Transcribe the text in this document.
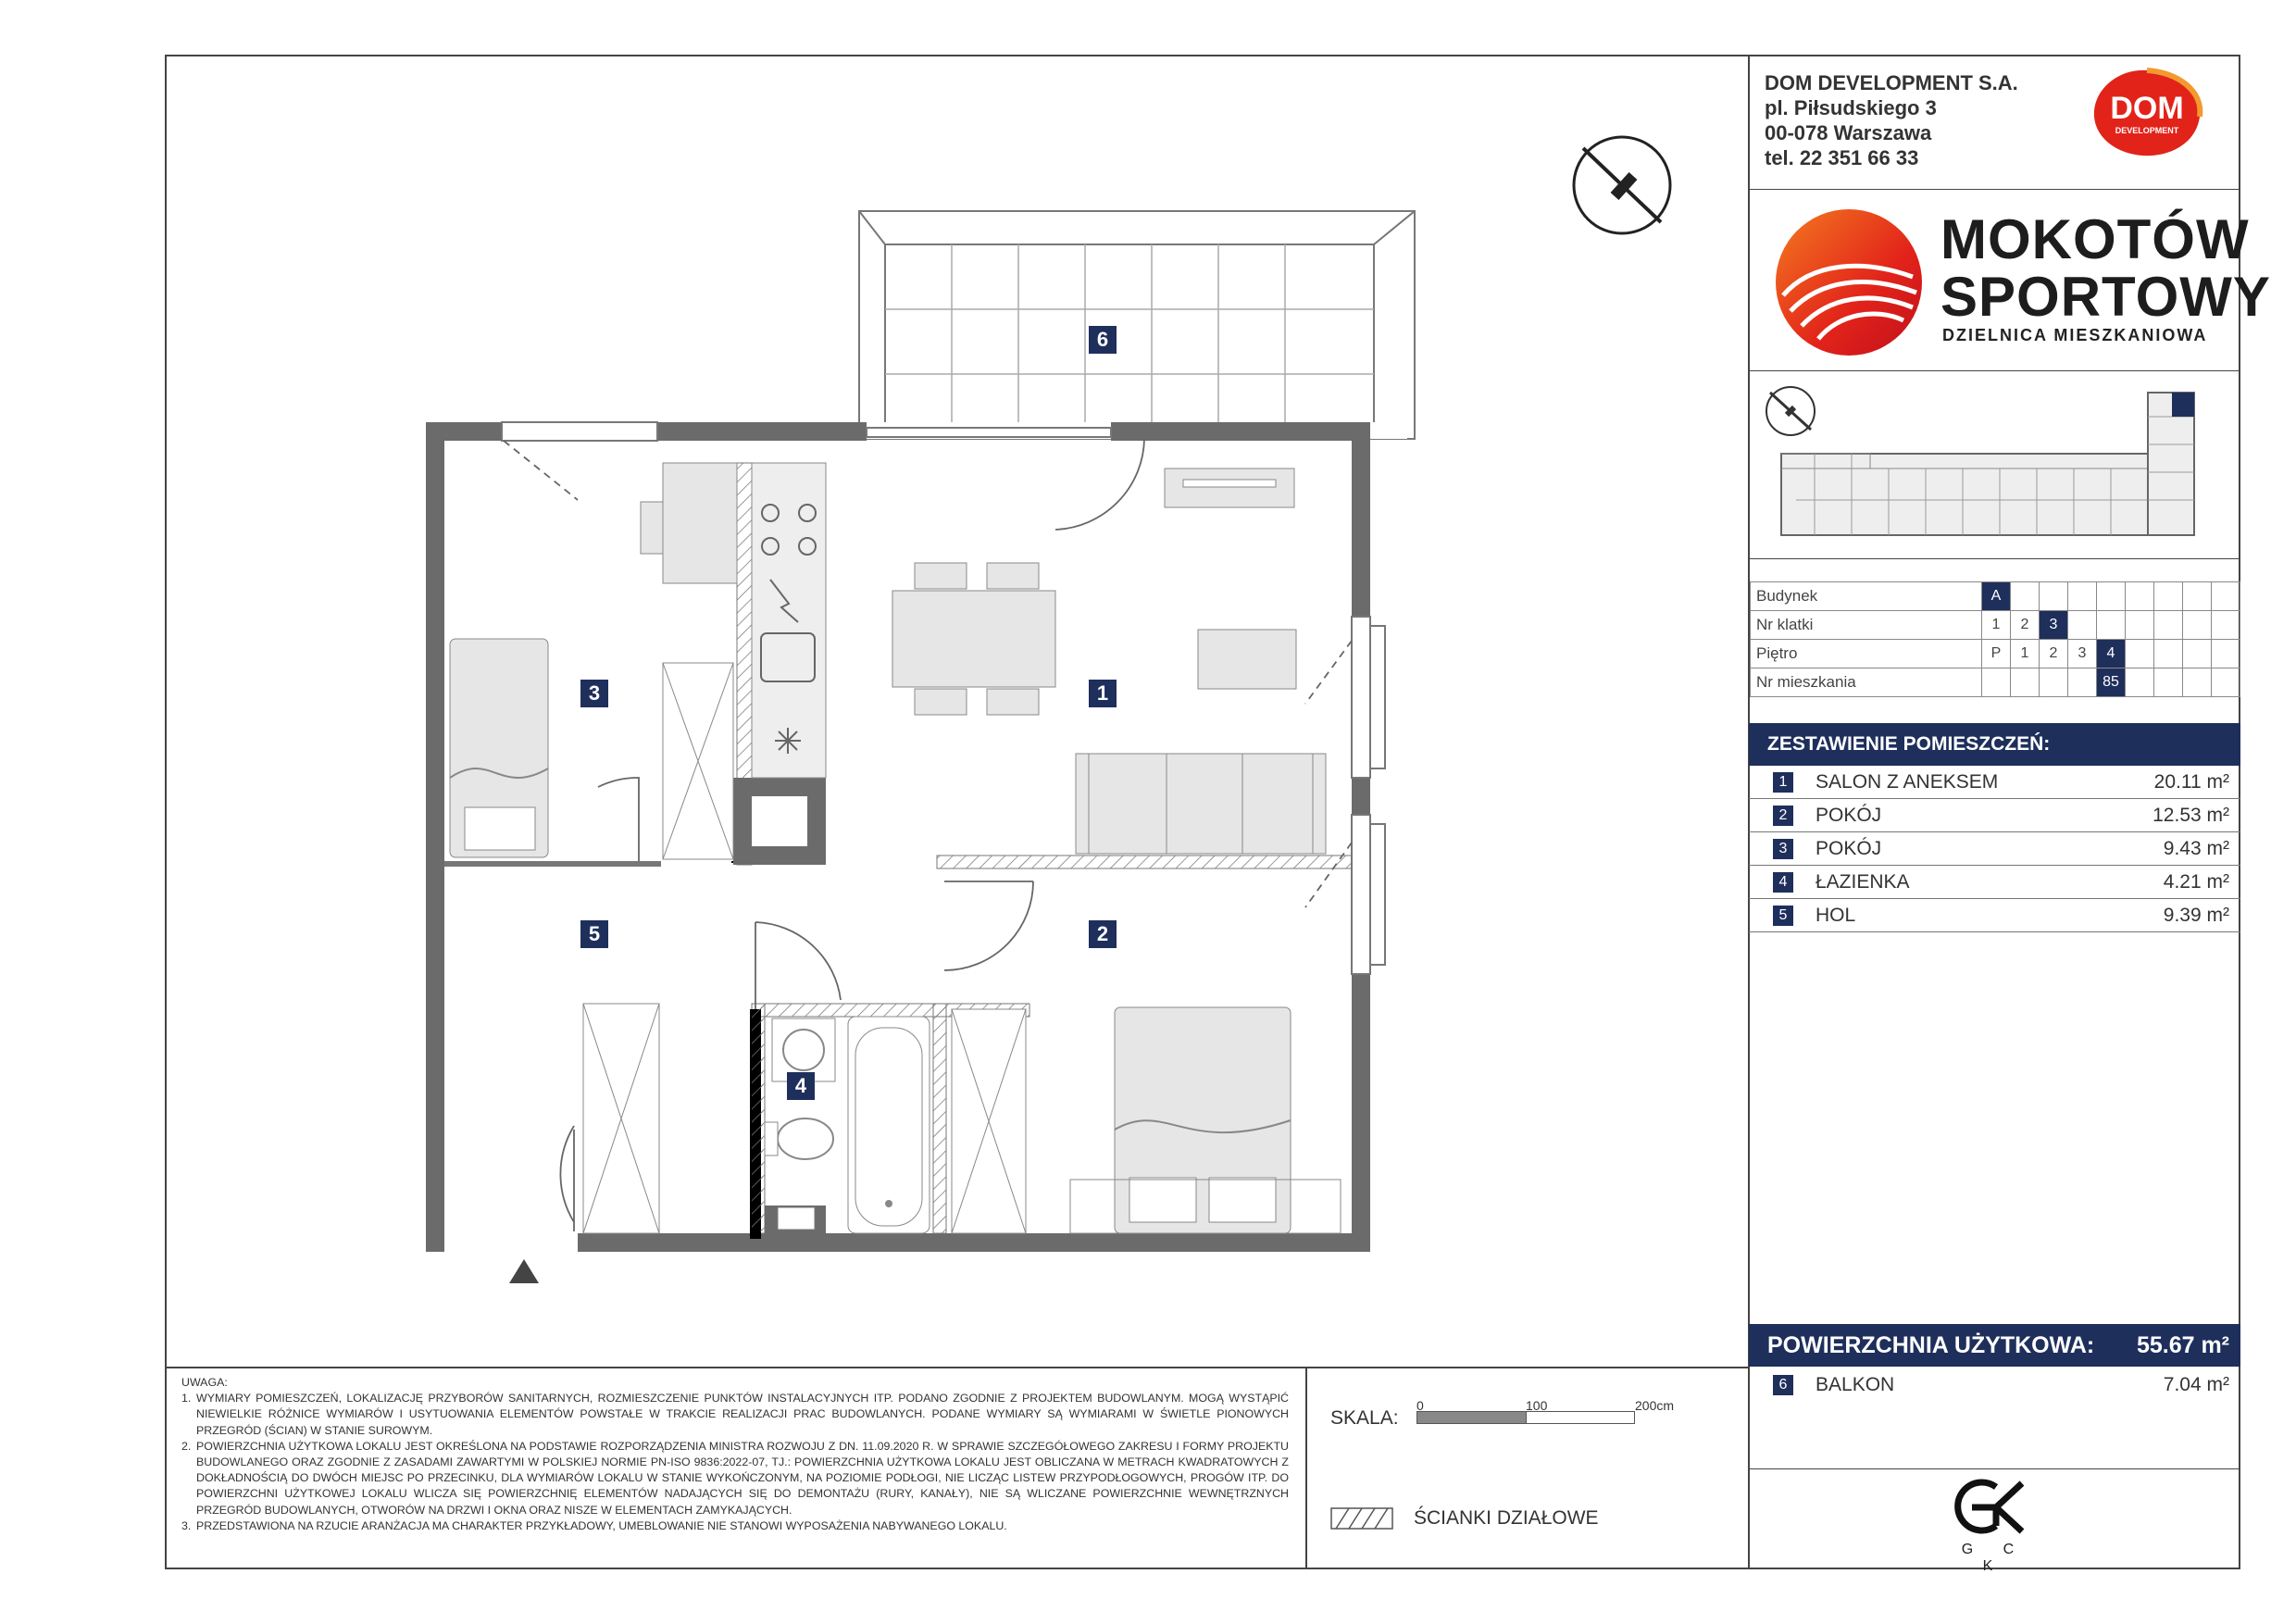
DOM DEVELOPMENT S.A.
pl. Piłsudskiego 3
00-078 Warszawa
tel. 22 351 66 33
DOM
DEVELOPMENT
MOKOTÓW
SPORTOWY
DZIELNICA MIESZKANIOWA
Budynek	A								
Nr klatki	1	2	3						
Piętro	P	1	2	3	4				
Nr mieszkania					85				
ZESTAWIENIE POMIESZCZEŃ:
1	SALON Z ANEKSEM	20.11 m²
2	POKÓJ	12.53 m²
3	POKÓJ	9.43 m²
4	ŁAZIENKA	4.21 m²
5	HOL	9.39 m²
POWIERZCHNIA UŻYTKOWA: 55.67 m²
6	BALKON	7.04 m²
G C K
SKALA:
0	100	200cm
ŚCIANKI DZIAŁOWE
UWAGA:
1. WYMIARY POMIESZCZEŃ, LOKALIZACJĘ PRZYBORÓW SANITARNYCH, ROZMIESZCZENIE PUNKTÓW INSTALACYJNYCH ITP. PODANO ZGODNIE Z PROJEKTEM BUDOWLANYM. MOGĄ WYSTĄPIĆ NIEWIELKIE RÓŻNICE WYMIARÓW I USYTUOWANIA ELEMENTÓW POWSTAŁE W TRAKCIE REALIZACJI PRAC BUDOWLANYCH. PODANE WYMIARY SĄ WYMIARAMI W ŚWIETLE PIONOWYCH PRZEGRÓD (ŚCIAN) W STANIE SUROWYM.
2. POWIERZCHNIA UŻYTKOWA LOKALU JEST OKREŚLONA NA PODSTAWIE ROZPORZĄDZENIA MINISTRA ROZWOJU Z DN. 11.09.2020 R. W SPRAWIE SZCZEGÓŁOWEGO ZAKRESU I FORMY PROJEKTU BUDOWLANEGO ORAZ ZGODNIE Z ZASADAMI ZAWARTYMI W POLSKIEJ NORMIE PN-ISO 9836:2022-07, TJ.: POWIERZCHNIA UŻYTKOWA LOKALU JEST OBLICZANA W METRACH KWADRATOWYCH Z DOKŁADNOŚCIĄ DO DWÓCH MIEJSC PO PRZECINKU, DLA WYMIARÓW LOKALU W STANIE WYKOŃCZONYM, NA POZIOMIE PODŁOGI, NIE LICZĄC LISTEW PRZYPODŁOGOWYCH, PROGÓW ITP. DO POWIERZCHNI UŻYTKOWEJ LOKALU WLICZA SIĘ POWIERZCHNIĘ ELEMENTÓW NADAJĄCYCH SIĘ DO DEMONTAŻU (RURY, KANAŁY), NIE SĄ WLICZANE POWIERZCHNIE WEWNĘTRZNYCH PRZEGRÓD BUDOWLANYCH, OTWORÓW NA DRZWI I OKNA ORAZ NISZE W ELEMENTACH ZAMYKAJĄCYCH.
3. PRZEDSTAWIONA NA RZUCIE ARANŻACJA MA CHARAKTER PRZYKŁADOWY, UMEBLOWANIE NIE STANOWI WYPOSAŻENIA NABYWANEGO LOKALU.
1
2
3
4
5
6
